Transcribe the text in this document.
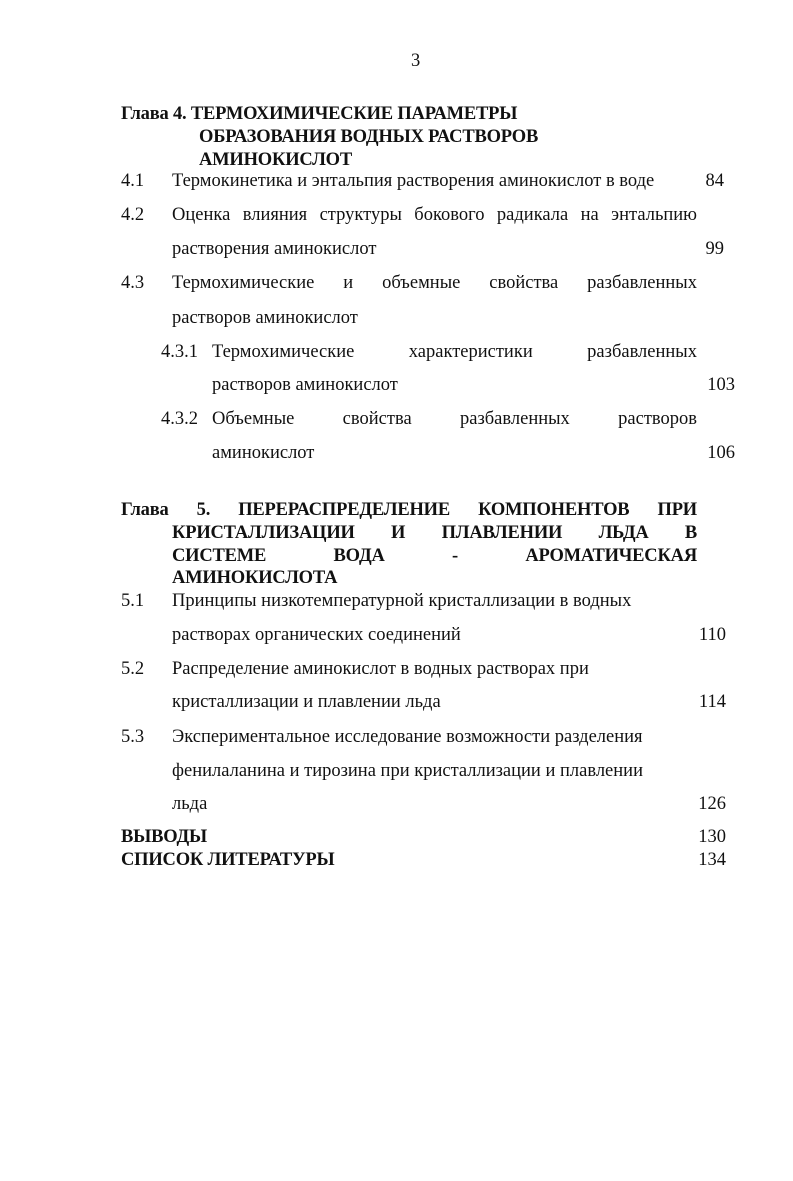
3
Глава 4. ТЕРМОХИМИЧЕСКИЕ ПАРАМЕТРЫ
ОБРАЗОВАНИЯ ВОДНЫХ РАСТВОРОВ
АМИНОКИСЛОТ
4.1 Термокинетика и энтальпия растворения аминокислот в воде	84
4.2 Оценка влияния структуры бокового радикала на энтальпию
растворения аминокислот	99
4.3 Термохимические и объемные свойства разбавленных
растворов аминокислот
4.3.1 Термохимические характеристики разбавленных
растворов аминокислот	103
4.3.2 Объемные свойства разбавленных растворов
аминокислот	106
Глава 5. ПЕРЕРАСПРЕДЕЛЕНИЕ КОМПОНЕНТОВ ПРИ
КРИСТАЛЛИЗАЦИИ И ПЛАВЛЕНИИ ЛЬДА В
СИСТЕМЕ ВОДА - АРОМАТИЧЕСКАЯ
АМИНОКИСЛОТА
5.1 Принципы низкотемпературной кристаллизации в водных
растворах органических соединений	110
5.2 Распределение аминокислот в водных растворах при
кристаллизации и плавлении льда	114
5.3 Экспериментальное исследование возможности разделения
фенилаланина и тирозина при кристаллизации и плавлении
льда	126
ВЫВОДЫ	130
СПИСОК ЛИТЕРАТУРЫ	134
